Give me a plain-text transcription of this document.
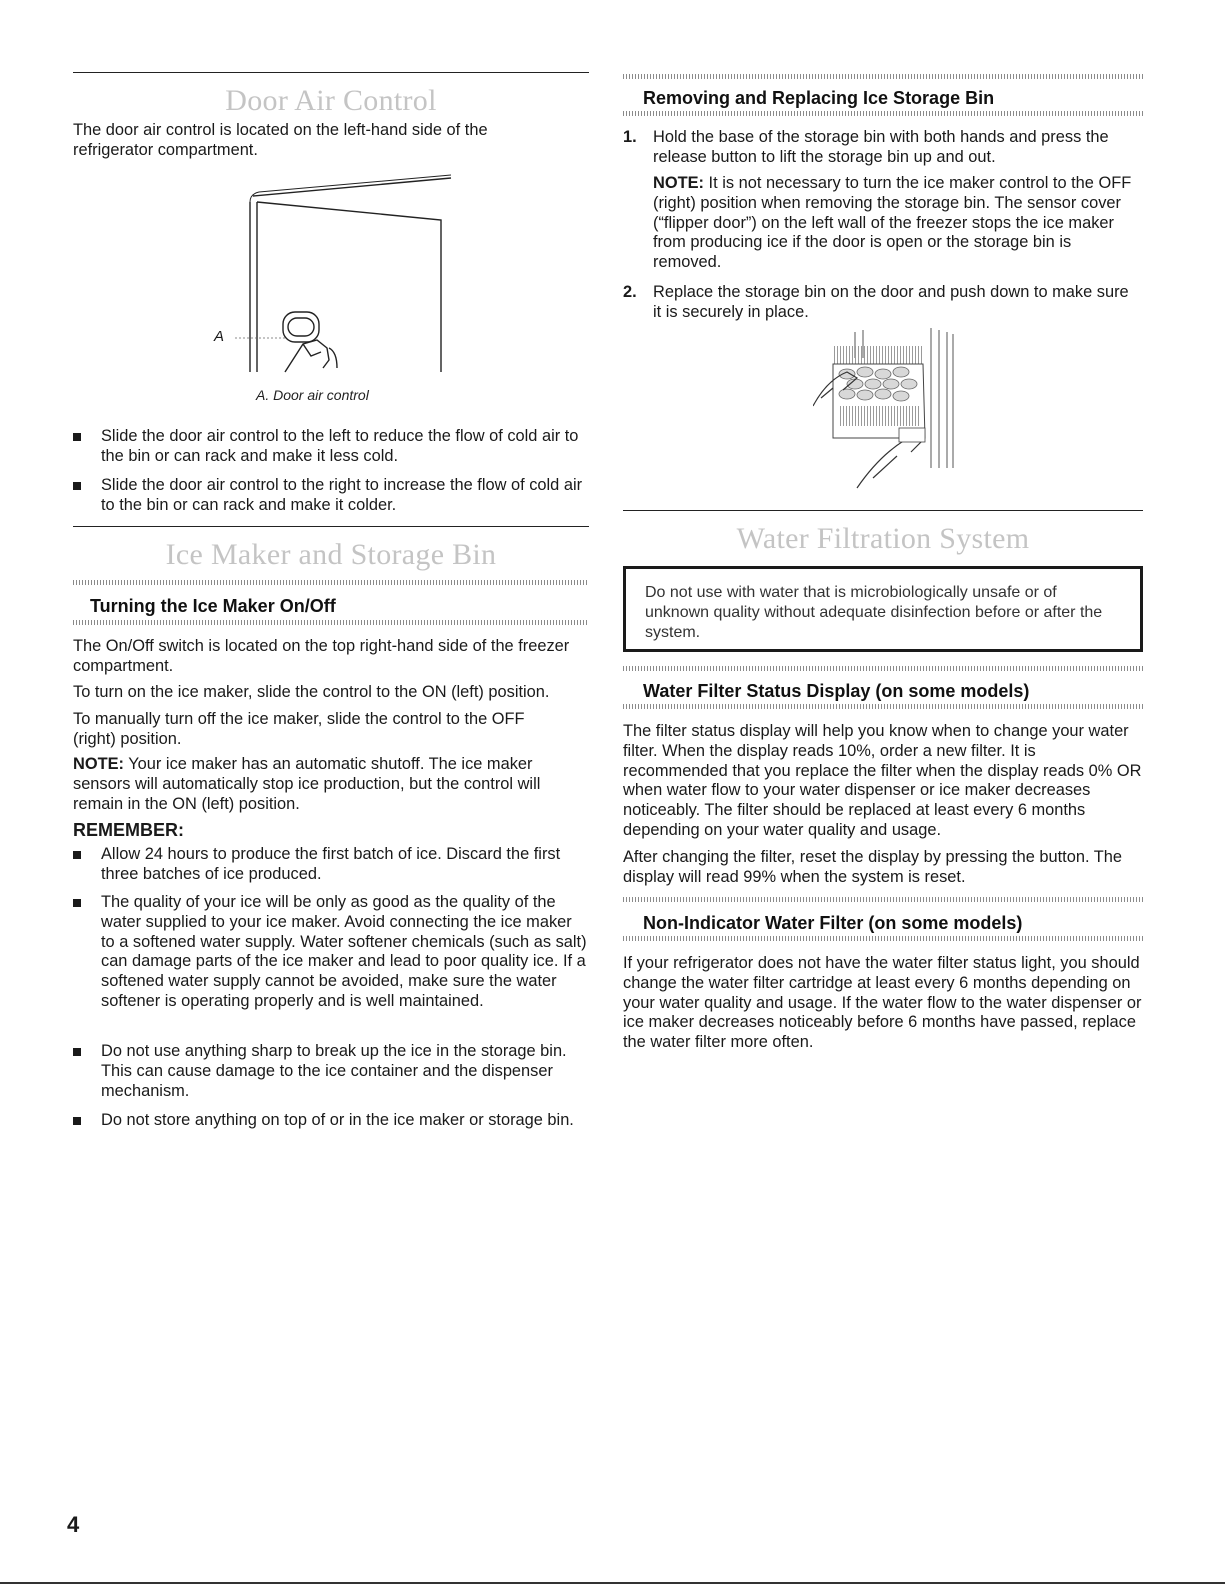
Door Air Control

The door air control is located on the left-hand side of the refrigerator compartment.

A
A. Door air control
Slide the door air control to the left to reduce the flow of cold air to the bin or can rack and make it less cold.
Slide the door air control to the right to increase the flow of cold air to the bin or can rack and make it colder.
Ice Maker and Storage Bin
Turning the Ice Maker On/Off

The On/Off switch is located on the top right-hand side of the freezer compartment.

To turn on the ice maker, slide the control to the ON (left) position.

To manually turn off the ice maker, slide the control to the OFF (right) position.

NOTE: Your ice maker has an automatic shutoff. The ice maker sensors will automatically stop ice production, but the control will remain in the ON (left) position.

REMEMBER:
Allow 24 hours to produce the first batch of ice. Discard the first three batches of ice produced.
The quality of your ice will be only as good as the quality of the water supplied to your ice maker. Avoid connecting the ice maker to a softened water supply. Water softener chemicals (such as salt) can damage parts of the ice maker and lead to poor quality ice. If a softened water supply cannot be avoided, make sure the water softener is operating properly and is well maintained.
Do not use anything sharp to break up the ice in the storage bin. This can cause damage to the ice container and the dispenser mechanism.
Do not store anything on top of or in the ice maker or storage bin.
Removing and Replacing Ice Storage Bin
1. Hold the base of the storage bin with both hands and press the release button to lift the storage bin up and out.

NOTE: It is not necessary to turn the ice maker control to the OFF (right) position when removing the storage bin. The sensor cover (“flipper door”) on the left wall of the freezer stops the ice maker from producing ice if the door is open or the storage bin is removed.

2. Replace the storage bin on the door and push down to make sure it is securely in place.
Water Filtration System
Do not use with water that is microbiologically unsafe or of unknown quality without adequate disinfection before or after the system.
Water Filter Status Display (on some models)

The filter status display will help you know when to change your water filter. When the display reads 10%, order a new filter. It is recommended that you replace the filter when the display reads 0% OR when water flow to your water dispenser or ice maker decreases noticeably. The filter should be replaced at least every 6 months depending on your water quality and usage.

After changing the filter, reset the display by pressing the button. The display will read 99% when the system is reset.

Non-Indicator Water Filter (on some models)

If your refrigerator does not have the water filter status light, you should change the water filter cartridge at least every 6 months depending on your water quality and usage. If the water flow to the water dispenser or ice maker decreases noticeably before 6 months have passed, replace the water filter more often.

4
